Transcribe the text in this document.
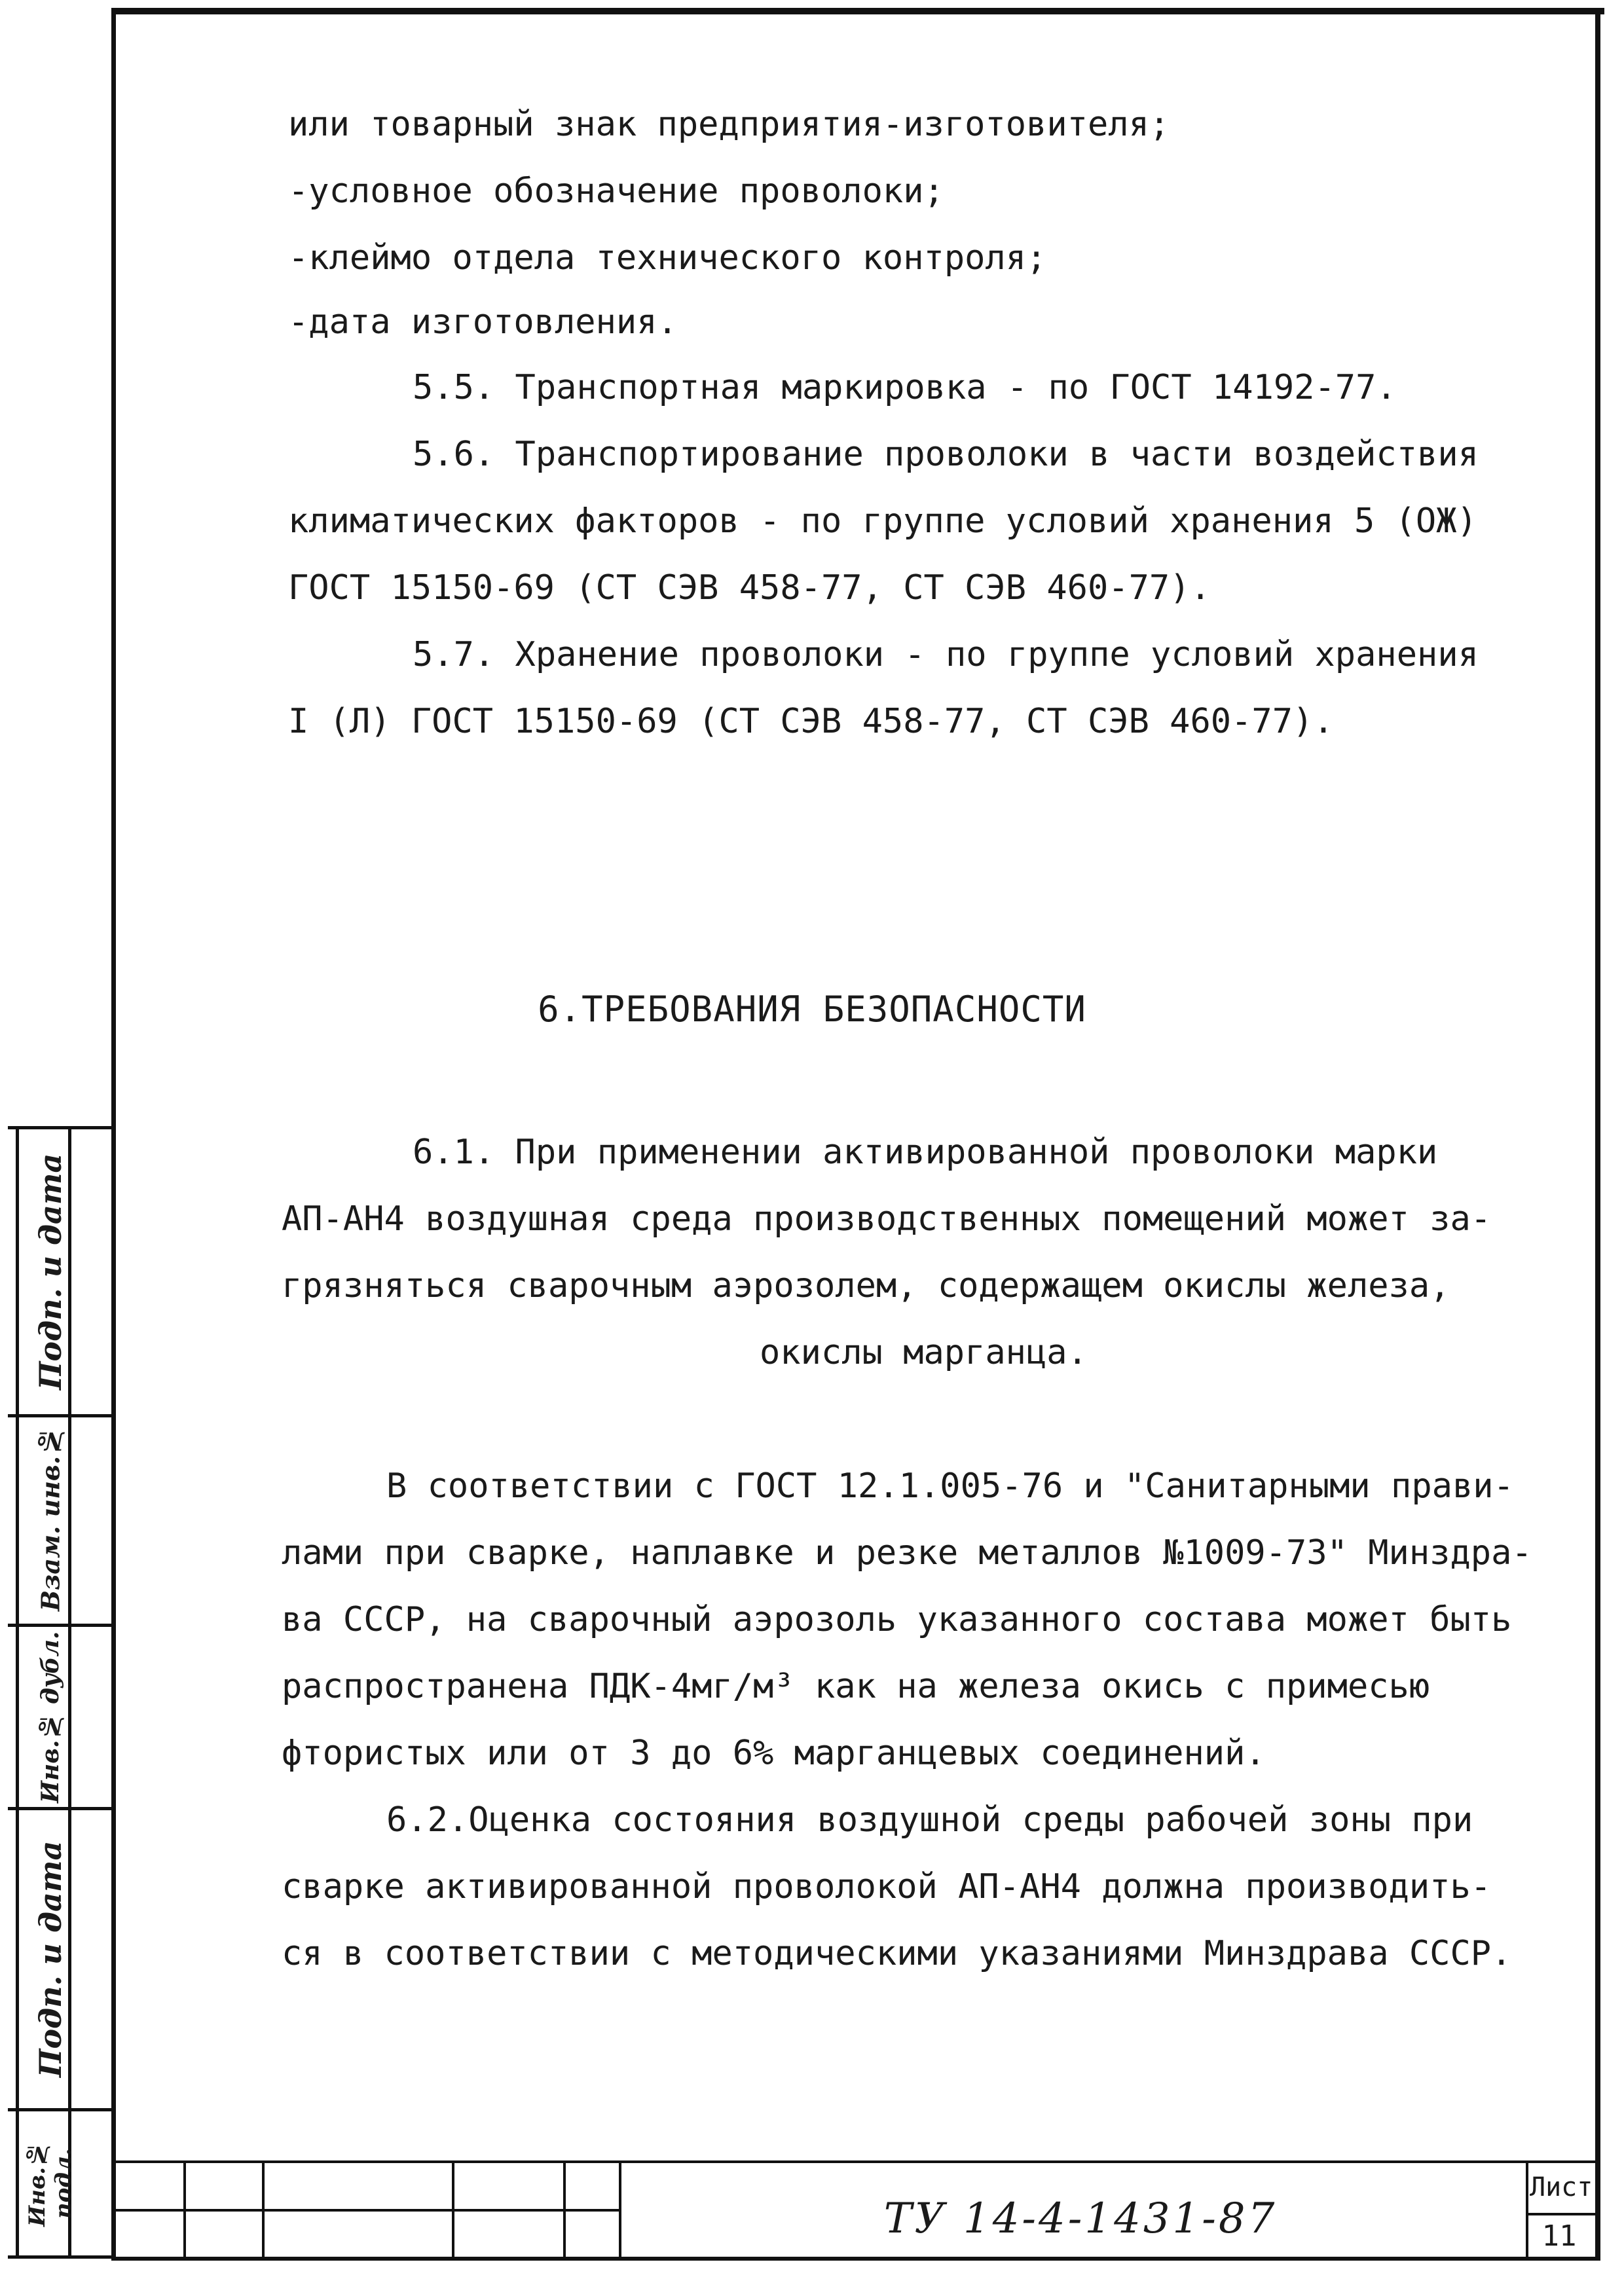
или товарный знак предприятия-изготовителя;
-условное обозначение проволоки;
-клеймо отдела технического контроля;
-дата изготовления.
5.5. Транспортная маркировка - по ГОСТ 14192-77.
5.6. Транспортирование проволоки в части воздействия
климатических факторов - по группе условий хранения 5 (ОЖ)
ГОСТ 15150-69 (СТ СЭВ 458-77, СТ СЭВ 460-77).
5.7. Хранение проволоки - по группе условий хранения
I (Л) ГОСТ 15150-69 (СТ СЭВ 458-77, СТ СЭВ 460-77).
6.ТРЕБОВАНИЯ БЕЗОПАСНОСТИ
6.1. При применении активированной проволоки марки
АП-АН4 воздушная среда производственных помещений может за-
грязняться сварочным аэрозолем, содержащем окислы железа,
окислы марганца.
В соответствии с ГОСТ 12.1.005-76 и "Санитарными прави-
лами при сварке, наплавке и резке металлов №1009-73" Минздра-
ва СССР, на сварочный аэрозоль указанного состава может быть
распространена ПДК-4мг/м³ как на железа окись с примесью
фтористых или от 3 до 6% марганцевых соединений.
6.2.Оценка состояния воздушной среды рабочей зоны при
сварке активированной проволокой АП-АН4 должна производить-
ся в соответствии с методическими указаниями Минздрава СССР.
Подп. и дата
Взам. инв.№
Инв.№ дубл.
Подп. и дата
Инв.№ подл.
ТУ 14-4-1431-87
Лист
11
